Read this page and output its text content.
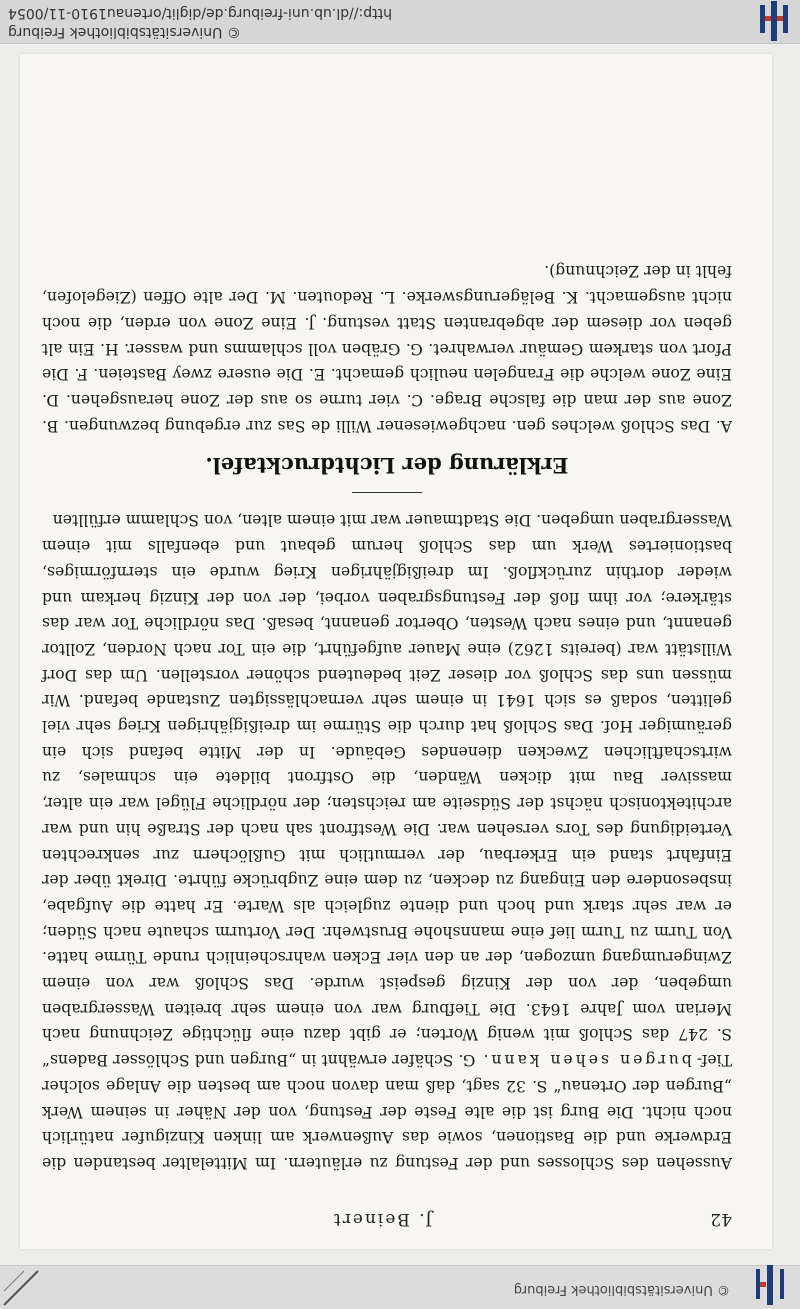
© Universitätsbibliothek Freiburg
42
J. Beinert

Aussehen des Schlosses und der Festung zu erläutern. Im Mittelalter bestanden die Erdwerke und die Bastionen, sowie das Außenwerk am linken Kinzigufer natürlich noch nicht. Die Burg ist die alte Feste der Festung, von der Näher in seinem Werk „Burgen der Ortenau“ S. 32 sagt, daß man davon noch am besten die Anlage solcher Tief- burgen sehen kann. G. Schäfer erwähnt in „Burgen und Schlösser Badens“ S. 247 das Schloß mit wenig Worten; er gibt dazu eine flüchtige Zeichnung nach Merian vom Jahre 1643. Die Tiefburg war von einem sehr breiten Wassergraben umgeben, der von der Kinzig gespeist wurde. Das Schloß war von einem Zwingerumgang umzogen, der an den vier Ecken wahrscheinlich runde Türme hatte. Von Turm zu Turm lief eine mannshohe Brustwehr. Der Vorturm schaute nach Süden; er war sehr stark und hoch und diente zugleich als Warte. Er hatte die Aufgabe, insbesondere den Eingang zu decken, zu dem eine Zugbrücke führte. Direkt über der Einfahrt stand ein Erkerbau, der vermutlich mit Gußlöchern zur senkrechten Verteidigung des Tors versehen war. Die Westfront sah nach der Straße hin und war architektonisch nächst der Südseite am reichsten; der nördliche Flügel war ein alter, massiver Bau mit dicken Wänden, die Ostfront bildete ein schmales, zu wirtschaftlichen Zwecken dienendes Gebäude. In der Mitte befand sich ein geräumiger Hof. Das Schloß hat durch die Stürme im dreißigjährigen Krieg sehr viel gelitten, sodaß es sich 1641 in einem sehr vernachlässigten Zustande befand. Wir müssen uns das Schloß vor dieser Zeit bedeutend schöner vorstellen. Um das Dorf Willstätt war (bereits 1262) eine Mauer aufgeführt, die ein Tor nach Norden, Zolltor genannt, und eines nach Westen, Obertor genannt, besaß. Das nördliche Tor war das stärkere; vor ihm floß der Festungsgraben vorbei, der von der Kinzig herkam und wieder dorthin zurückfloß. Im dreißigjährigen Krieg wurde ein sternförmiges, bastioniertes Werk um das Schloß herum gebaut und ebenfalls mit einem Wassergraben umgeben. Die Stadtmauer war mit einem alten, von Schlamm erfüllten

Erklärung der Lichtdrucktafel.

A. Das Schloß welches gen. nachgewiesener Willi de Sas zur ergebung bezwungen. B. Zone aus der man die falsche Brage. C. vier turne so aus der Zone herausgehen. D. Eine Zone welche die Frangelen neulich gemacht. E. Die eusere zwey Basteien. F. Die Pfort von starkem Gemäur verwahret. G. Gräben voll schlamms und wasser. H. Ein alt geben vor diesem der abgebranten Statt vestung. J. Eine Zone von erden, die noch nicht ausgemacht. K. Belägerungswerke. L. Redouten. M. Der alte Offen (Ziegelofen, fehlt in der Zeichnung).

© Universitätsbibliothek Freiburg
http://dl.ub.uni-freiburg.de/diglit/ortenau1910-11/0054
